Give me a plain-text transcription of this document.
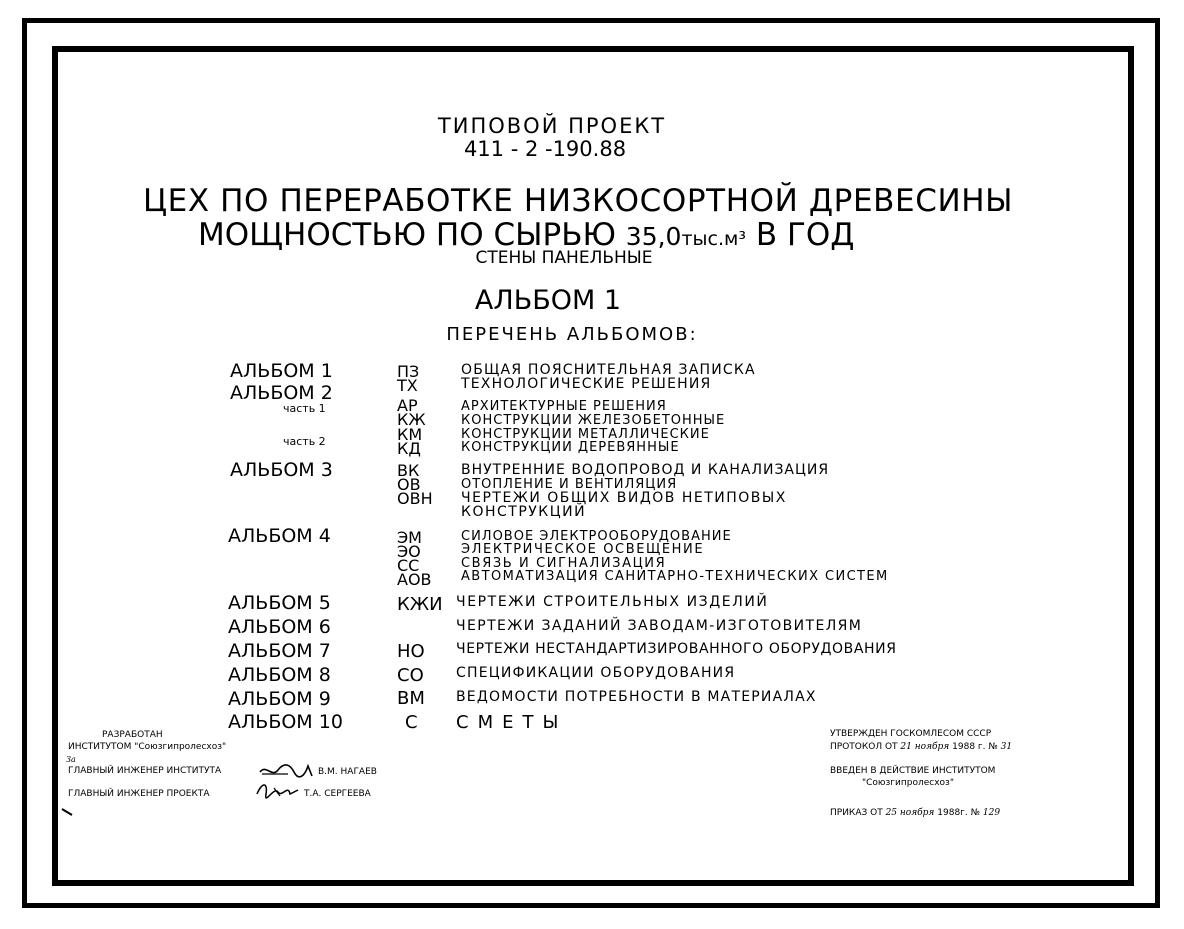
ТИПОВОЙ ПРОЕКТ
411 - 2 -190.88
ЦЕХ ПО ПЕРЕРАБОТКЕ НИЗКОСОРТНОЙ ДРЕВЕСИНЫ
МОЩНОСТЬЮ ПО СЫРЬЮ 35,0тыс.м³ В ГОД
СТЕНЫ ПАНЕЛЬНЫЕ
АЛЬБОМ 1
ПЕРЕЧЕНЬ АЛЬБОМОВ:
АЛЬБОМ 1
АЛЬБОМ 2
часть 1
часть 2
АЛЬБОМ 3
АЛЬБОМ 4
АЛЬБОМ 5
АЛЬБОМ 6
АЛЬБОМ 7
АЛЬБОМ 8
АЛЬБОМ 9
АЛЬБОМ 10
ПЗ
ТХ
АР
КЖ
КМ
КД
ВК
ОВ
ОВН
ЭМ
ЭО
СС
АОВ
КЖИ
НО
СО
ВМ
С
ОБЩАЯ ПОЯСНИТЕЛЬНАЯ ЗАПИСКА
ТЕХНОЛОГИЧЕСКИЕ РЕШЕНИЯ
АРХИТЕКТУРНЫЕ РЕШЕНИЯ
КОНСТРУКЦИИ ЖЕЛЕЗОБЕТОННЫЕ
КОНСТРУКЦИИ МЕТАЛЛИЧЕСКИЕ
КОНСТРУКЦИИ ДЕРЕВЯННЫЕ
ВНУТРЕННИЕ ВОДОПРОВОД И КАНАЛИЗАЦИЯ
ОТОПЛЕНИЕ И ВЕНТИЛЯЦИЯ
ЧЕРТЕЖИ ОБЩИХ ВИДОВ НЕТИПОВЫХ
КОНСТРУКЦИЙ
СИЛОВОЕ ЭЛЕКТРООБОРУДОВАНИЕ
ЭЛЕКТРИЧЕСКОЕ ОСВЕЩЕНИЕ
СВЯЗЬ И СИГНАЛИЗАЦИЯ
АВТОМАТИЗАЦИЯ САНИТАРНО-ТЕХНИЧЕСКИХ СИСТЕМ
ЧЕРТЕЖИ СТРОИТЕЛЬНЫХ ИЗДЕЛИЙ
ЧЕРТЕЖИ ЗАДАНИЙ ЗАВОДАМ-ИЗГОТОВИТЕЛЯМ
ЧЕРТЕЖИ НЕСТАНДАРТИЗИРОВАННОГО ОБОРУДОВАНИЯ
СПЕЦИФИКАЦИИ ОБОРУДОВАНИЯ
ВЕДОМОСТИ ПОТРЕБНОСТИ В МАТЕРИАЛАХ
СМЕТЫ
РАЗРАБОТАН
ИНСТИТУТОМ "Союзгипролесхоз"
За
ГЛАВНЫЙ ИНЖЕНЕР ИНСТИТУТА	В.М. НАГАЕВ
ГЛАВНЫЙ ИНЖЕНЕР ПРОЕКТА	Т.А. СЕРГЕЕВА
УТВЕРЖДЕН ГОСКОМЛЕСОМ СССР
ПРОТОКОЛ ОТ 21 ноября 1988 г. № 31
ВВЕДЕН В ДЕЙСТВИЕ ИНСТИТУТОМ
"Союзгипролесхоз"
ПРИКАЗ ОТ 25 ноября 1988г. № 129
